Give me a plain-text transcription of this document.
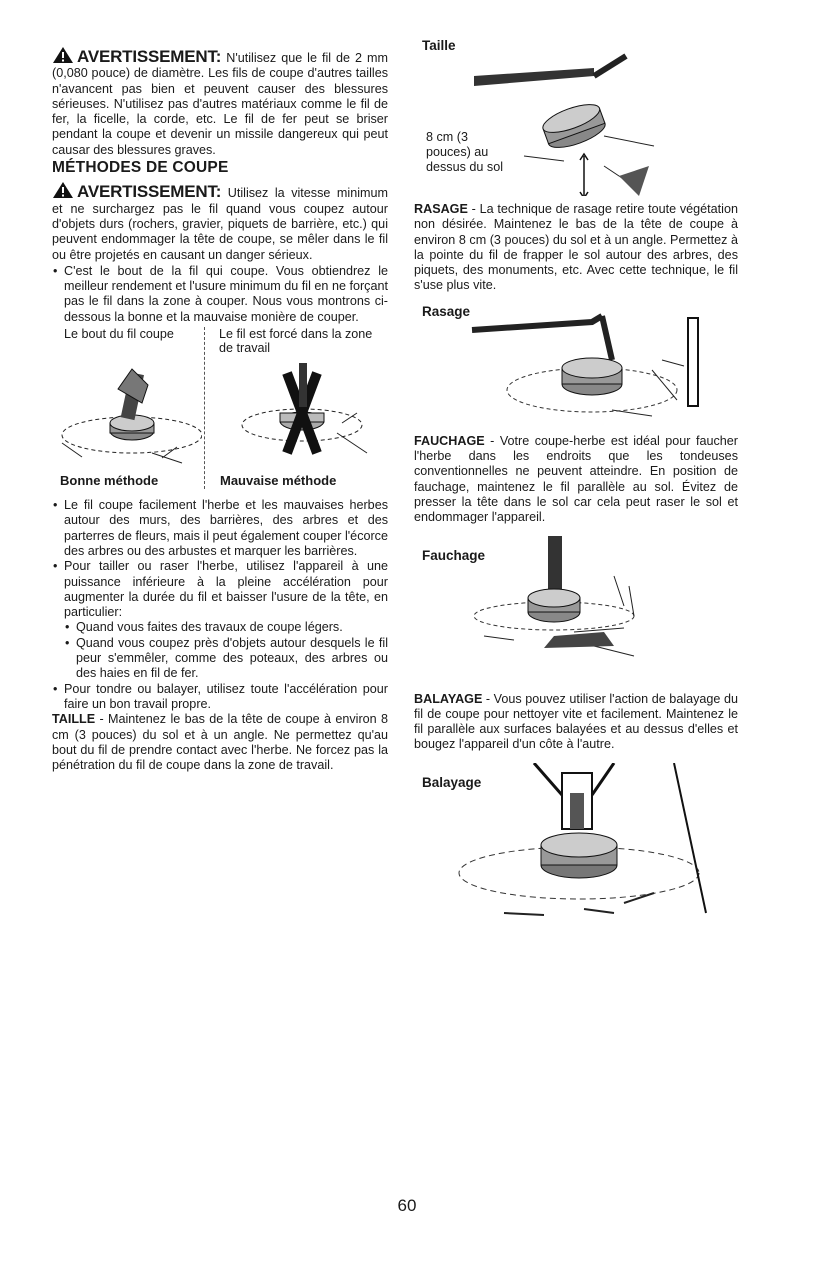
AVERTISSEMENT: N'utilisez que le fil de 2 mm (0,080 pouce) de diamètre. Les fils de coupe d'autres tailles n'avancent pas bien et peuvent causer des blessures sérieuses. N'utilisez pas d'autres matériaux comme le fil de fer, la ficelle, la corde, etc. Le fil de fer peut se briser pendant la coupe et devenir un missile dangereux qui peut causar des blessures graves.

MÉTHODES DE COUPE

AVERTISSEMENT: Utilisez la vitesse minimum et ne surchargez pas le fil quand vous coupez autour d'objets durs (rochers, gravier, piquets de barrière, etc.) qui peuvent endommager la tête de coupe, se mêler dans le fil ou être projetés en causant un danger sérieux.

• C'est le bout de la fil qui coupe. Vous obtiendrez le meilleur rendement et l'usure minimum du fil en ne forçant pas le fil dans la zone à couper. Nous vous montrons ci-dessous la bonne et la mauvaise monière de couper.
Le bout du fil coupe	Le fil est forcé dans la zone de travail
Bonne méthode	Mauvaise méthode
• Le fil coupe facilement l'herbe et les mauvaises herbes autour des murs, des barrières, des arbres et des parterres de fleurs, mais il peut également couper l'écorce des arbres ou des arbustes et marquer les barrières.
• Pour tailler ou raser l'herbe, utilisez l'appareil à une puissance inférieure à la pleine accélération pour augmenter la durée du fil et baisser l'usure de la tête, en particulier:
• Quand vous faites des travaux de coupe légers.
• Quand vous coupez près d'objets autour desquels le fil peur s'emmêler, comme des poteaux, des arbres ou des haies en fil de fer.
• Pour tondre ou balayer, utilisez toute l'accélération pour faire un bon travail propre.

TAILLE - Maintenez le bas de la tête de coupe à environ 8 cm (3 pouces) du sol et à un angle. Ne permettez qu'au bout du fil de prendre contact avec l'herbe. Ne forcez pas la pénétration du fil de coupe dans la zone de travail.

Taille
8 cm (3
pouces) au
dessus du sol

RASAGE - La technique de rasage retire toute végétation non désirée. Maintenez le bas de la tête de coupe à environ 8 cm (3 pouces) du sol et à un angle. Permettez à la pointe du fil de frapper le sol autour des arbres, des piquets, des monuments, etc. Avec cette technique, le fil s'use plus vite.

Rasage

FAUCHAGE - Votre coupe-herbe est idéal pour faucher l'herbe dans les endroits que les tondeuses conventionnelles ne peuvent atteindre. En position de fauchage, maintenez le fil parallèle au sol. Évitez de presser la tête dans le sol car cela peut raser le sol et endommager l'appareil.

Fauchage

BALAYAGE - Vous pouvez utiliser l'action de balayage du fil de coupe pour nettoyer vite et facilement. Maintenez le fil parallèle aux surfaces balayées et au dessus d'elles et bougez l'appareil d'un côte à l'autre.

Balayage
60
